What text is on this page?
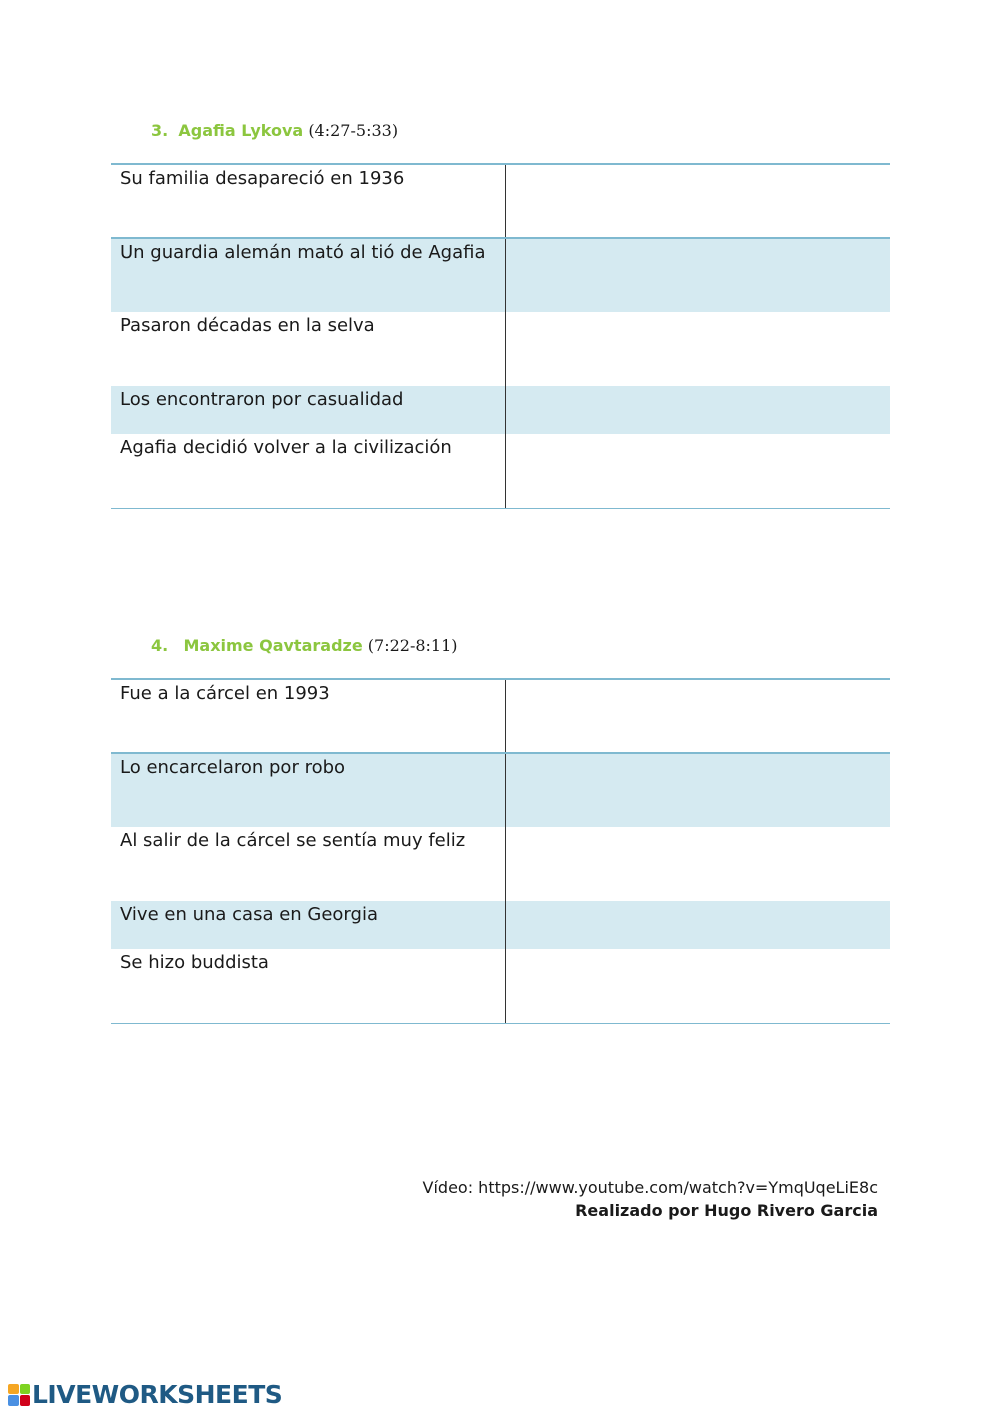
3. Agafia Lykova (4:27-5:33)
Su familia desapareció en 1936	
Un guardia alemán mató al tió de Agafia	
Pasaron décadas en la selva	
Los encontraron por casualidad	
Agafia decidió volver a la civilización	
4. Maxime Qavtaradze (7:22-8:11)
Fue a la cárcel en 1993	
Lo encarcelaron por robo	
Al salir de la cárcel se sentía muy feliz	
Vive en una casa en Georgia	
Se hizo buddista	
Vídeo: https://www.youtube.com/watch?v=YmqUqeLiE8c
Realizado por Hugo Rivero Garcia
LIVEWORKSHEETS
